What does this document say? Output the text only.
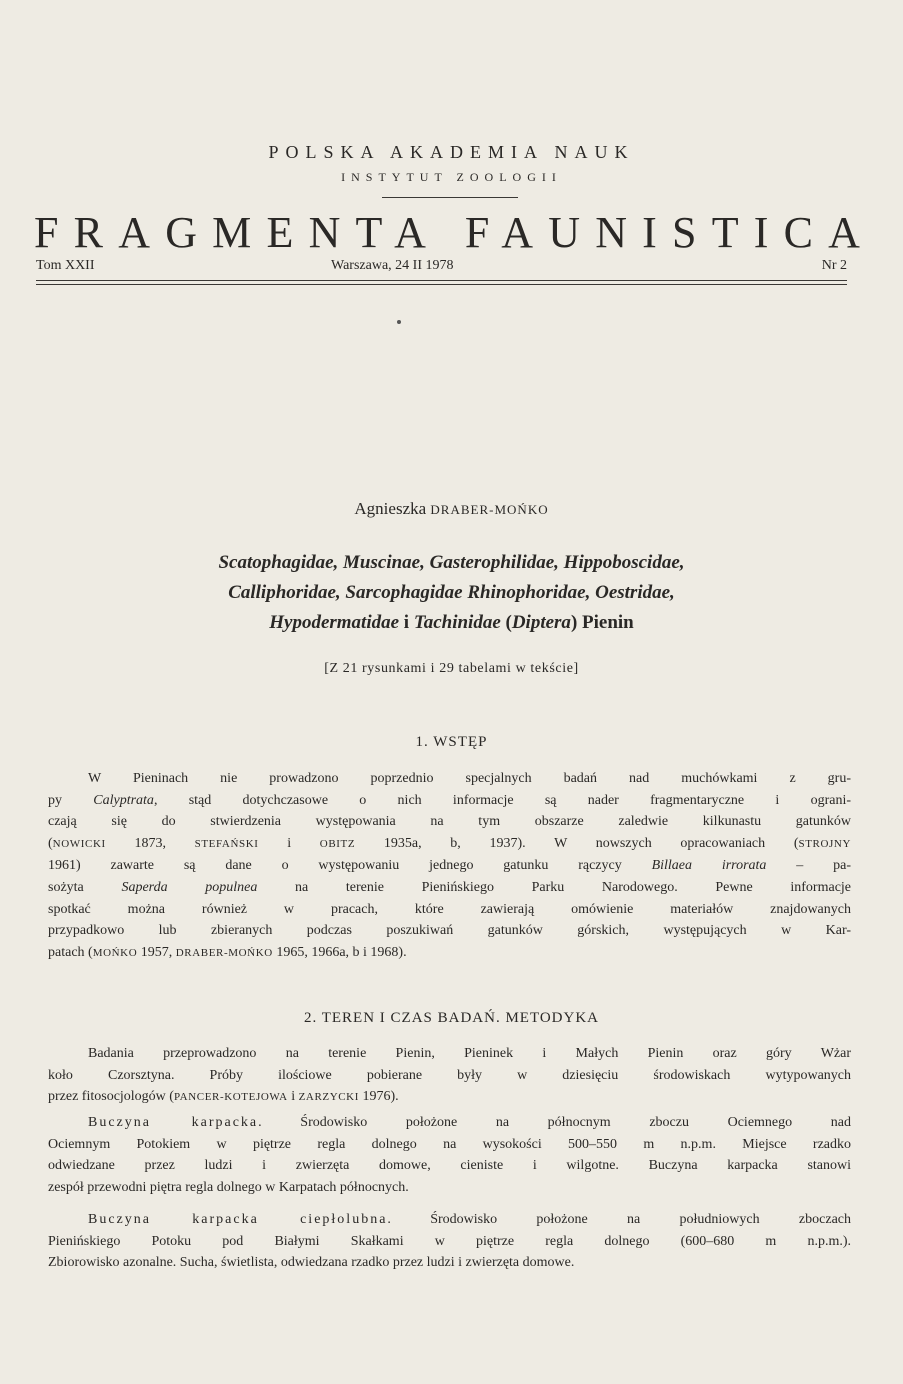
POLSKA AKADEMIA NAUK
INSTYTUT ZOOLOGII
FRAGMENTA FAUNISTICA
Tom XXII	Warszawa, 24 II 1978	Nr 2
Agnieszka DRABER-MOŃKO
Scatophagidae, Muscinae, Gasterophilidae, Hippoboscidae,
Calliphoridae, Sarcophagidae Rhinophoridae, Oestridae,
Hypodermatidae i Tachinidae (Diptera) Pienin
[Z 21 rysunkami i 29 tabelami w tekście]
1. WSTĘP
W Pieninach nie prowadzono poprzednio specjalnych badań nad muchówkami z gru-
py Calyptrata, stąd dotychczasowe o nich informacje są nader fragmentaryczne i ograni-
czają się do stwierdzenia występowania na tym obszarze zaledwie kilkunastu gatunków
(NOWICKI 1873, STEFAŃSKI i OBITZ 1935a, b, 1937). W nowszych opracowaniach (STROJNY
1961) zawarte są dane o występowaniu jednego gatunku rączycy Billaea irrorata – pa-
sożyta Saperda populnea na terenie Pienińskiego Parku Narodowego. Pewne informacje
spotkać można również w pracach, które zawierają omówienie materiałów znajdowanych
przypadkowo lub zbieranych podczas poszukiwań gatunków górskich, występujących w Kar-
patach (MOŃKO 1957, DRABER-MOŃKO 1965, 1966a, b i 1968).
2. TEREN I CZAS BADAŃ. METODYKA
Badania przeprowadzono na terenie Pienin, Pieninek i Małych Pienin oraz góry Wżar
koło Czorsztyna. Próby ilościowe pobierane były w dziesięciu środowiskach wytypowanych
przez fitosocjologów (PANCER-KOTEJOWA i ZARZYCKI 1976).
Buczyna karpacka. Środowisko położone na północnym zboczu Ociemnego nad
Ociemnym Potokiem w piętrze regla dolnego na wysokości 500–550 m n.p.m. Miejsce rzadko
odwiedzane przez ludzi i zwierzęta domowe, cieniste i wilgotne. Buczyna karpacka stanowi
zespół przewodni piętra regla dolnego w Karpatach północnych.
Buczyna karpacka ciepłolubna. Środowisko położone na południowych zboczach
Pienińskiego Potoku pod Białymi Skałkami w piętrze regla dolnego (600–680 m n.p.m.).
Zbiorowisko azonalne. Sucha, świetlista, odwiedzana rzadko przez ludzi i zwierzęta domowe.
